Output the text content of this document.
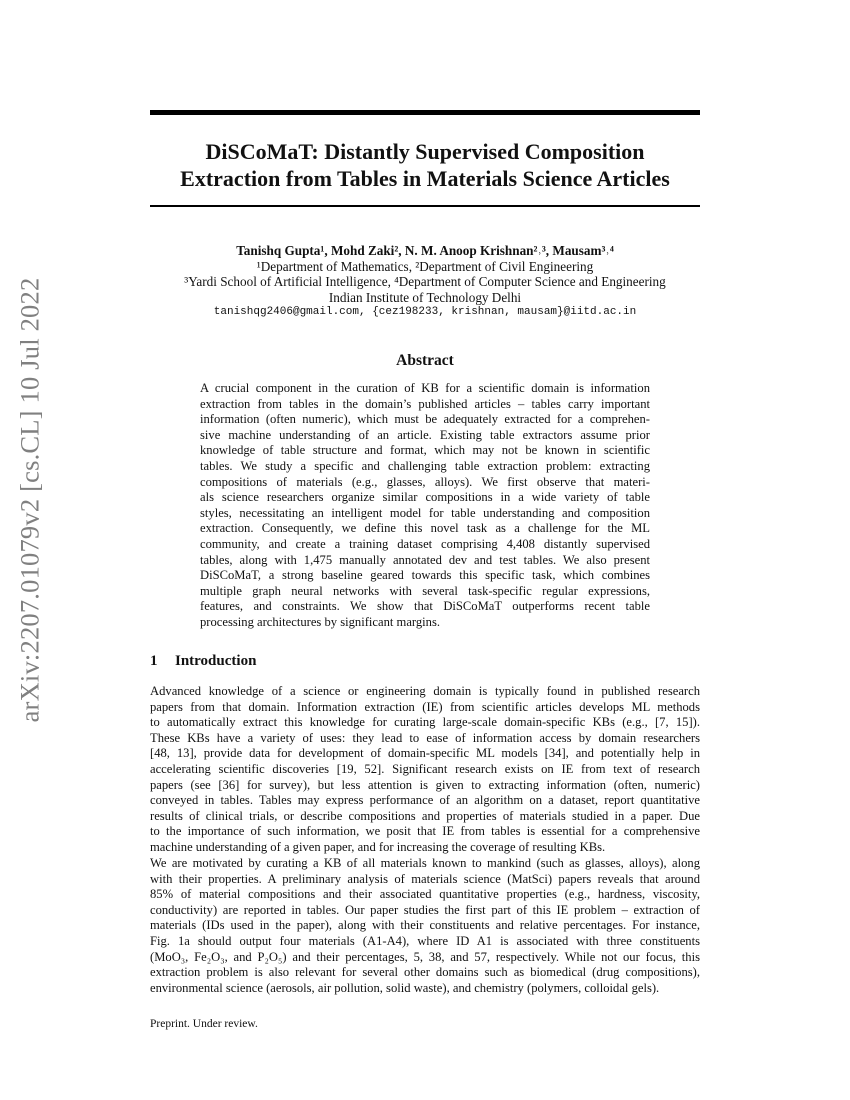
arXiv:2207.01079v2 [cs.CL] 10 Jul 2022
DiSCoMaT: Distantly Supervised Composition
Extraction from Tables in Materials Science Articles
Tanishq Gupta¹, Mohd Zaki², N. M. Anoop Krishnan²˒³, Mausam³˒⁴
¹Department of Mathematics, ²Department of Civil Engineering
³Yardi School of Artificial Intelligence, ⁴Department of Computer Science and Engineering
Indian Institute of Technology Delhi
tanishqg2406@gmail.com, {cez198233, krishnan, mausam}@iitd.ac.in
Abstract
A crucial component in the curation of KB for a scientific domain is information
extraction from tables in the domain’s published articles – tables carry important
information (often numeric), which must be adequately extracted for a comprehen-
sive machine understanding of an article. Existing table extractors assume prior
knowledge of table structure and format, which may not be known in scientific
tables. We study a specific and challenging table extraction problem: extracting
compositions of materials (e.g., glasses, alloys). We first observe that materi-
als science researchers organize similar compositions in a wide variety of table
styles, necessitating an intelligent model for table understanding and composition
extraction. Consequently, we define this novel task as a challenge for the ML
community, and create a training dataset comprising 4,408 distantly supervised
tables, along with 1,475 manually annotated dev and test tables. We also present
DiSCoMaT, a strong baseline geared towards this specific task, which combines
multiple graph neural networks with several task-specific regular expressions,
features, and constraints. We show that DiSCoMaT outperforms recent table
processing architectures by significant margins.
1 Introduction
Advanced knowledge of a science or engineering domain is typically found in published research
papers from that domain. Information extraction (IE) from scientific articles develops ML methods
to automatically extract this knowledge for curating large-scale domain-specific KBs (e.g., [7, 15]).
These KBs have a variety of uses: they lead to ease of information access by domain researchers
[48, 13], provide data for development of domain-specific ML models [34], and potentially help in
accelerating scientific discoveries [19, 52]. Significant research exists on IE from text of research
papers (see [36] for survey), but less attention is given to extracting information (often, numeric)
conveyed in tables. Tables may express performance of an algorithm on a dataset, report quantitative
results of clinical trials, or describe compositions and properties of materials studied in a paper. Due
to the importance of such information, we posit that IE from tables is essential for a comprehensive
machine understanding of a given paper, and for increasing the coverage of resulting KBs.
We are motivated by curating a KB of all materials known to mankind (such as glasses, alloys), along
with their properties. A preliminary analysis of materials science (MatSci) papers reveals that around
85% of material compositions and their associated quantitative properties (e.g., hardness, viscosity,
conductivity) are reported in tables. Our paper studies the first part of this IE problem – extraction of
materials (IDs used in the paper), along with their constituents and relative percentages. For instance,
Fig. 1a should output four materials (A1-A4), where ID A1 is associated with three constituents
(MoO₃, Fe₂O₃, and P₂O₅) and their percentages, 5, 38, and 57, respectively. While not our focus, this
extraction problem is also relevant for several other domains such as biomedical (drug compositions),
environmental science (aerosols, air pollution, solid waste), and chemistry (polymers, colloidal gels).
Preprint. Under review.
